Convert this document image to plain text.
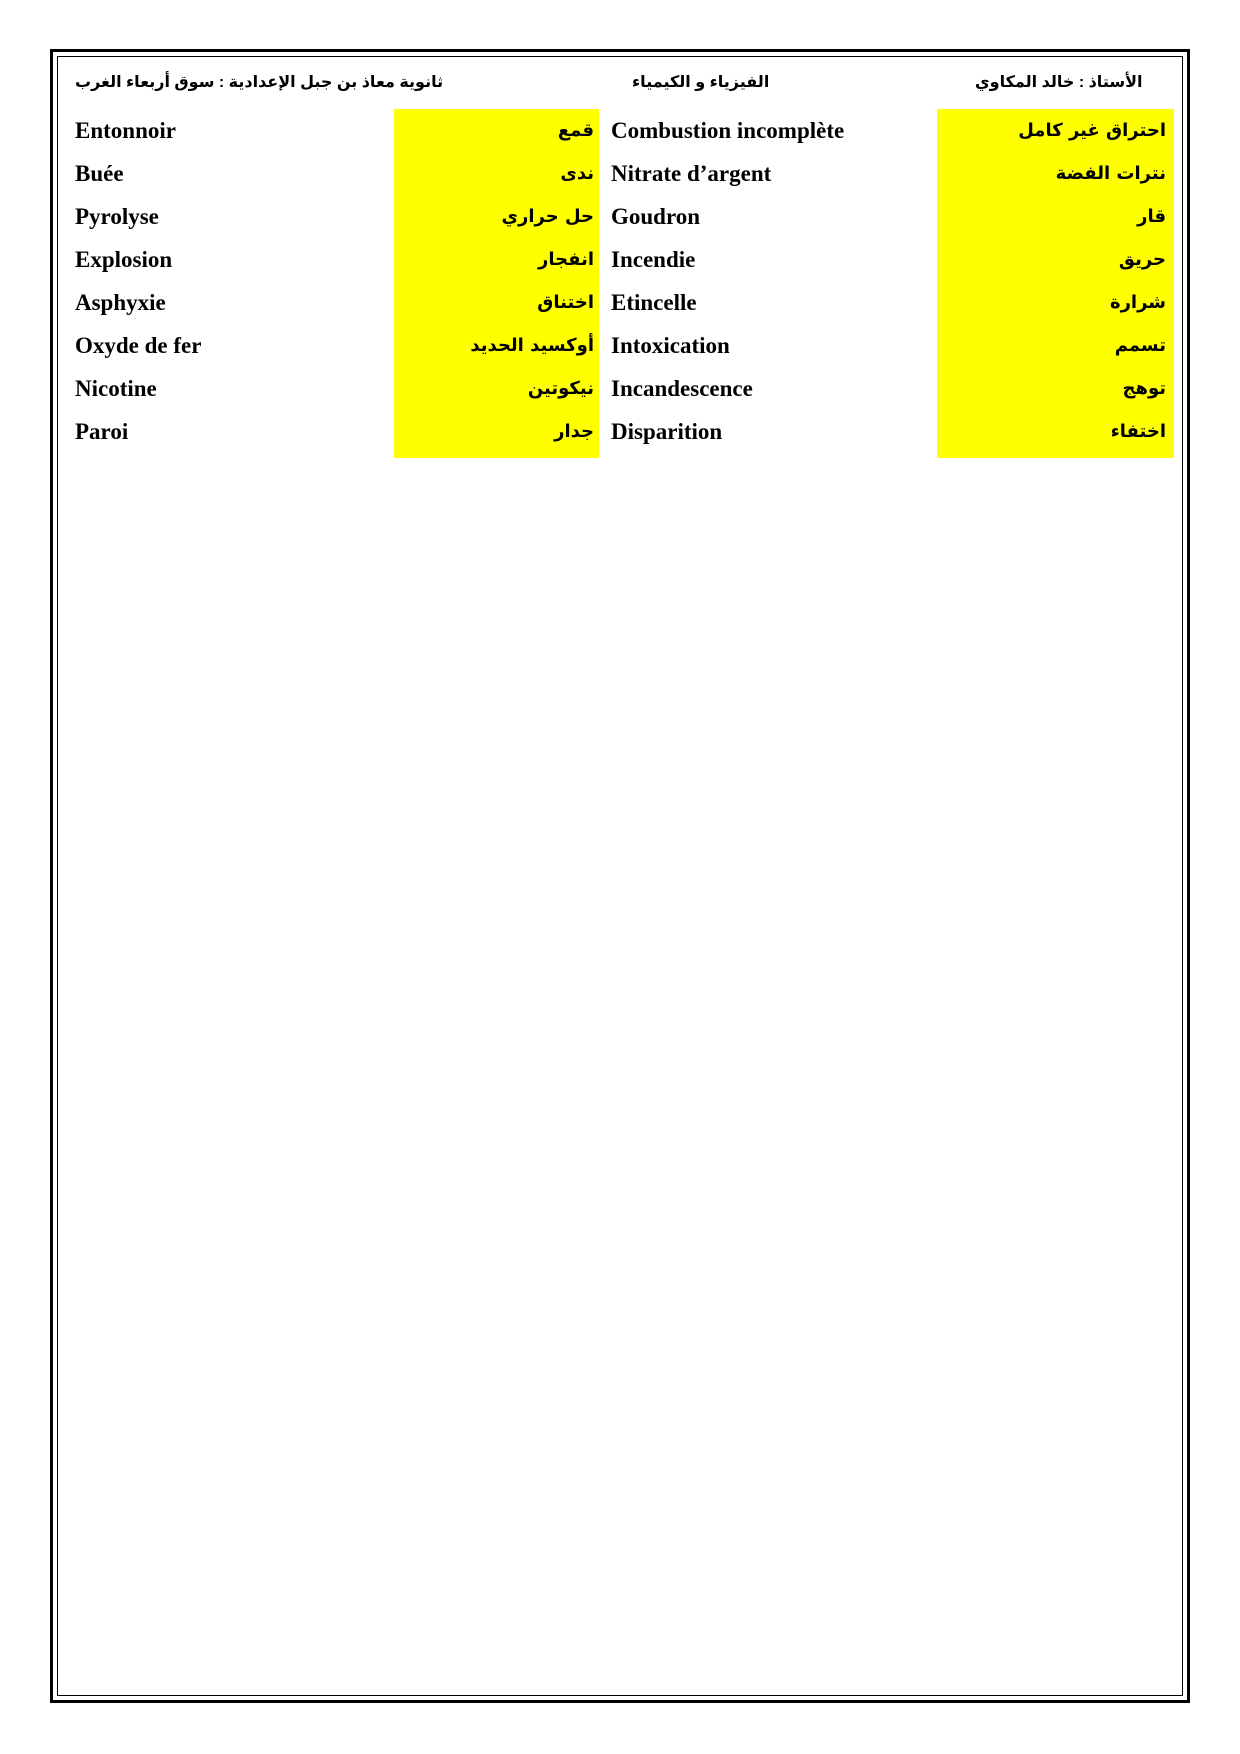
الأستاذ : خالد المكاوي
الفيزياء و الكيمياء
ثانوية معاذ بن جبل الإعدادية : سوق أربعاء الغرب
Entonnoir	قمع Combustion incomplète	احتراق غير كامل
Buée	ندى Nitrate d’argent	نترات الفضة
Pyrolyse	حل حراري Goudron	قار
Explosion	انفجار Incendie	حريق
Asphyxie	اختناق Etincelle	شرارة
Oxyde de fer	أوكسيد الحديد Intoxication	تسمم
Nicotine	نيكوتين Incandescence	توهج
Paroi	جدار Disparition	اختفاء
